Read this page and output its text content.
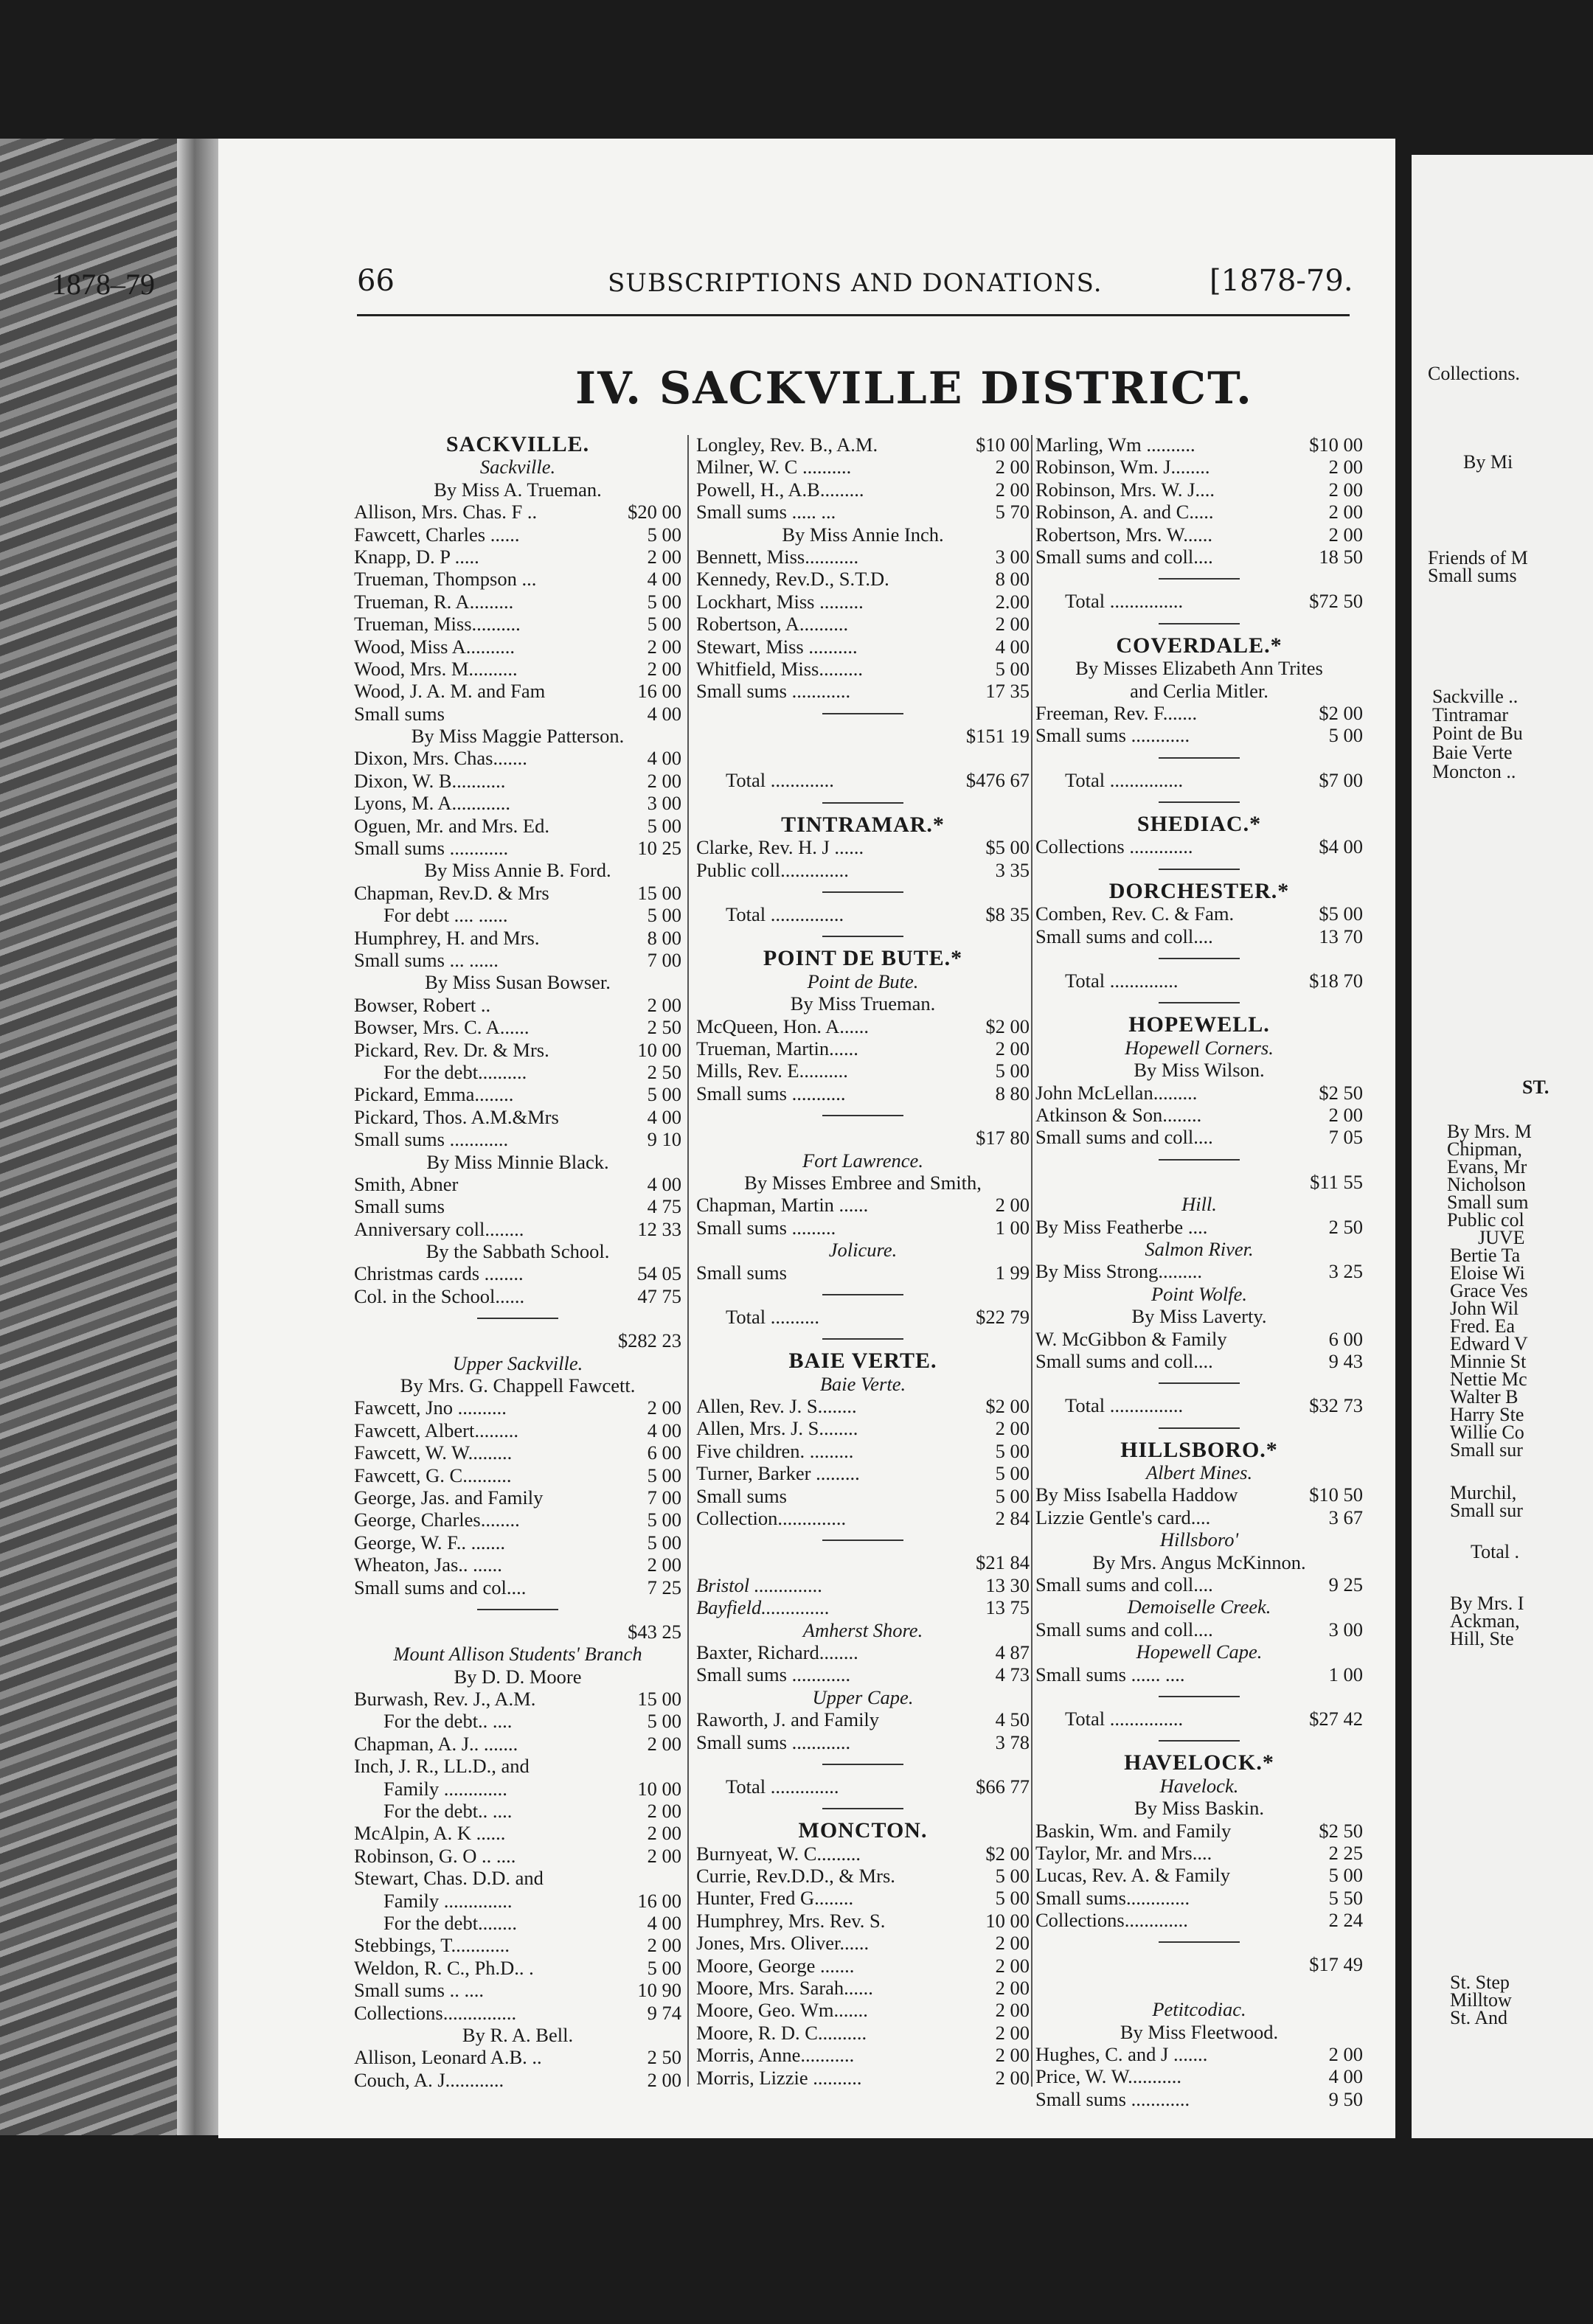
66	SUBSCRIPTIONS AND DONATIONS.	[1878-79.
IV. SACKVILLE DISTRICT.
SACKVILLE.
Sackville.
By Miss A. Trueman.
Allison, Mrs. Chas. F ..	$20 00
Fawcett, Charles ......	5 00
Knapp, D. P .....	2 00
Trueman, Thompson ...	4 00
Trueman, R. A.........	5 00
Trueman, Miss..........	5 00
Wood, Miss A..........	2 00
Wood, Mrs. M..........	2 00
Wood, J. A. M. and Fam	16 00
Small sums	4 00
By Miss Maggie Patterson.
Dixon, Mrs. Chas.......	4 00
Dixon, W. B...........	2 00
Lyons, M. A............	3 00
Oguen, Mr. and Mrs. Ed.	5 00
Small sums ............	10 25
By Miss Annie B. Ford.
Chapman, Rev.D. & Mrs	15 00
For debt .... ......	5 00
Humphrey, H. and Mrs.	8 00
Small sums ... ......	7 00
By Miss Susan Bowser.
Bowser, Robert ..	2 00
Bowser, Mrs. C. A......	2 50
Pickard, Rev. Dr. & Mrs.	10 00
For the debt..........	2 50
Pickard, Emma........	5 00
Pickard, Thos. A.M.&Mrs	4 00
Small sums ............	9 10
By Miss Minnie Black.
Smith, Abner	4 00
Small sums	4 75
Anniversary coll........	12 33
By the Sabbath School.
Christmas cards ........	54 05
Col. in the School......	47 75
$282 23
Upper Sackville.
By Mrs. G. Chappell Fawcett.
Fawcett, Jno ..........	2 00
Fawcett, Albert.........	4 00
Fawcett, W. W.........	6 00
Fawcett, G. C..........	5 00
George, Jas. and Family	7 00
George, Charles........	5 00
George, W. F.. .......	5 00
Wheaton, Jas.. ......	2 00
Small sums and col....	7 25
$43 25
Mount Allison Students' Branch
By D. D. Moore
Burwash, Rev. J., A.M.	15 00
For the debt.. ....	5 00
Chapman, A. J.. .......	2 00
Inch, J. R., LL.D., and
Family .............	10 00
For the debt.. ....	2 00
McAlpin, A. K ......	2 00
Robinson, G. O .. ....	2 00
Stewart, Chas. D.D. and
Family ..............	16 00
For the debt........	4 00
Stebbings, T............	2 00
Weldon, R. C., Ph.D.. .	5 00
Small sums .. ....	10 90
Collections...............	9 74
By R. A. Bell.
Allison, Leonard A.B. ..	2 50
Couch, A. J............	2 00
Longley, Rev. B., A.M.	$10 00
Milner, W. C ..........	2 00
Powell, H., A.B.........	2 00
Small sums ..... ...	5 70
By Miss Annie Inch.
Bennett, Miss...........	3 00
Kennedy, Rev.D., S.T.D.	8 00
Lockhart, Miss .........	2.00
Robertson, A..........	2 00
Stewart, Miss ..........	4 00
Whitfield, Miss.........	5 00
Small sums ............	17 35
$151 19
Total .............	$476 67
TINTRAMAR.*
Clarke, Rev. H. J ......	$5 00
Public coll..............	3 35
Total ...............	$8 35
POINT DE BUTE.*
Point de Bute.
By Miss Trueman.
McQueen, Hon. A......	$2 00
Trueman, Martin......	2 00
Mills, Rev. E..........	5 00
Small sums ...........	8 80
$17 80
Fort Lawrence.
By Misses Embree and Smith,
Chapman, Martin ......	2 00
Small sums .........	1 00
Jolicure.
Small sums	1 99
Total ..........	$22 79
BAIE VERTE.
Baie Verte.
Allen, Rev. J. S........	$2 00
Allen, Mrs. J. S........	2 00
Five children. .........	5 00
Turner, Barker .........	5 00
Small sums	5 00
Collection..............	2 84
$21 84
Bristol ..............	13 30
Bayfield..............	13 75
Amherst Shore.
Baxter, Richard........	4 87
Small sums ............	4 73
Upper Cape.
Raworth, J. and Family	4 50
Small sums ............	3 78
Total ..............	$66 77
MONCTON.
Burnyeat, W. C.........	$2 00
Currie, Rev.D.D., & Mrs.	5 00
Hunter, Fred G........	5 00
Humphrey, Mrs. Rev. S.	10 00
Jones, Mrs. Oliver......	2 00
Moore, George .......	2 00
Moore, Mrs. Sarah......	2 00
Moore, Geo. Wm.......	2 00
Moore, R. D. C..........	2 00
Morris, Anne...........	2 00
Morris, Lizzie ..........	2 00
Marling, Wm ..........	$10 00
Robinson, Wm. J........	2 00
Robinson, Mrs. W. J....	2 00
Robinson, A. and C.....	2 00
Robertson, Mrs. W......	2 00
Small sums and coll....	18 50
Total ...............	$72 50
COVERDALE.*
By Misses Elizabeth Ann Trites
and Cerlia Mitler.
Freeman, Rev. F.......	$2 00
Small sums ............	5 00
Total ...............	$7 00
SHEDIAC.*
Collections .............	$4 00
DORCHESTER.*
Comben, Rev. C. & Fam.	$5 00
Small sums and coll....	13 70
Total ..............	$18 70
HOPEWELL.
Hopewell Corners.
By Miss Wilson.
John McLellan.........	$2 50
Atkinson & Son........	2 00
Small sums and coll....	7 05
$11 55
Hill.
By Miss Featherbe ....	2 50
Salmon River.
By Miss Strong.........	3 25
Point Wolfe.
By Miss Laverty.
W. McGibbon & Family	6 00
Small sums and coll....	9 43
Total ...............	$32 73
HILLSBORO.*
Albert Mines.
By Miss Isabella Haddow	$10 50
Lizzie Gentle's card....	3 67
Hillsboro'
By Mrs. Angus McKinnon.
Small sums and coll....	9 25
Demoiselle Creek.
Small sums and coll....	3 00
Hopewell Cape.
Small sums ...... ....	1 00
Total ...............	$27 42
HAVELOCK.*
Havelock.
By Miss Baskin.
Baskin, Wm. and Family	$2 50
Taylor, Mr. and Mrs....	2 25
Lucas, Rev. A. & Family	5 00
Small sums.............	5 50
Collections.............	2 24
$17 49
Petitcodiac.
By Miss Fleetwood.
Hughes, C. and J .......	2 00
Price, W. W...........	4 00
Small sums ............	9 50
1878–79
Collections.
By Mi
Friends of M
Small sums
Sackville ..
Tintramar
Point de Bu
Baie Verte
Moncton ..
ST.
By Mrs. M
Chipman,
Evans, Mr
Nicholson
Small sum
Public col
JUVE
Bertie Ta
Eloise Wi
Grace Ves
John Wil
Fred. Ea
Edward V
Minnie St
Nettie Mc
Walter B
Harry Ste
Willie Co
Small sur
Murchil,
Small sur
Total .
By Mrs. I
Ackman,
Hill, Ste
St. Step
Milltow
St. And
